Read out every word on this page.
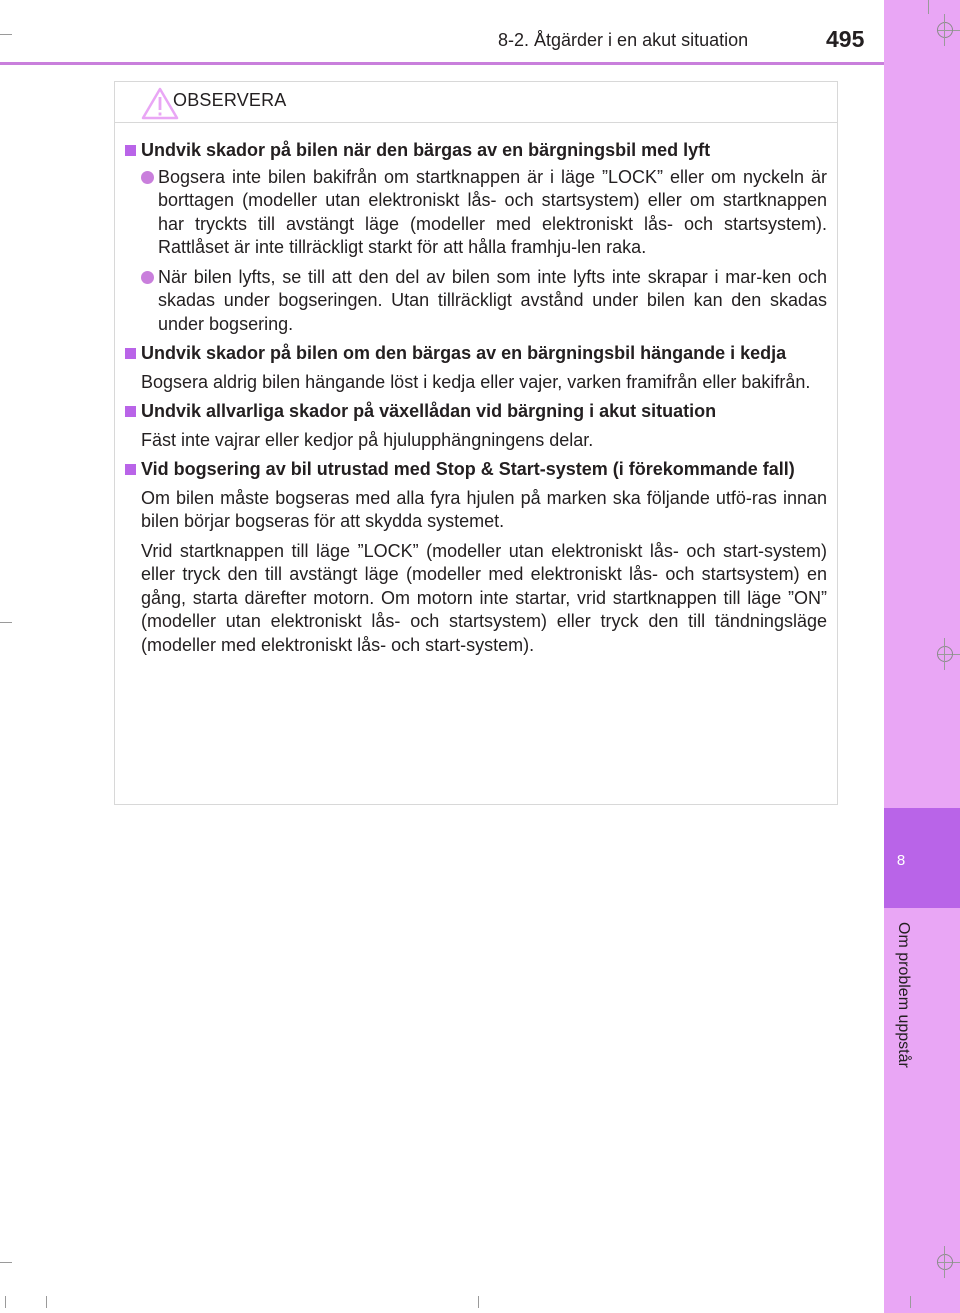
8-2. Åtgärder i en akut situation	495
8
Om problem uppstår
OM52F75SE
OBSERVERA
Undvik skador på bilen när den bärgas av en bärgningsbil med lyft
Bogsera inte bilen bakifrån om startknappen är i läge ”LOCK” eller om nyckeln är borttagen (modeller utan elektroniskt lås- och startsystem) eller om startknappen har tryckts till avstängt läge (modeller med elektroniskt lås- och startsystem). Rattlåset är inte tillräckligt starkt för att hålla framhju-len raka.
När bilen lyfts, se till att den del av bilen som inte lyfts inte skrapar i mar-ken och skadas under bogseringen. Utan tillräckligt avstånd under bilen kan den skadas under bogsering.
Undvik skador på bilen om den bärgas av en bärgningsbil hängande i kedja
Bogsera aldrig bilen hängande löst i kedja eller vajer, varken framifrån eller bakifrån.
Undvik allvarliga skador på växellådan vid bärgning i akut situation
Fäst inte vajrar eller kedjor på hjulupphängningens delar.
Vid bogsering av bil utrustad med Stop & Start-system (i förekommande fall)
Om bilen måste bogseras med alla fyra hjulen på marken ska följande utfö-ras innan bilen börjar bogseras för att skydda systemet.
Vrid startknappen till läge ”LOCK” (modeller utan elektroniskt lås- och start-system) eller tryck den till avstängt läge (modeller med elektroniskt lås- och startsystem) en gång, starta därefter motorn. Om motorn inte startar, vrid startknappen till läge ”ON” (modeller utan elektroniskt lås- och startsystem) eller tryck den till tändningsläge (modeller med elektroniskt lås- och start-system).
